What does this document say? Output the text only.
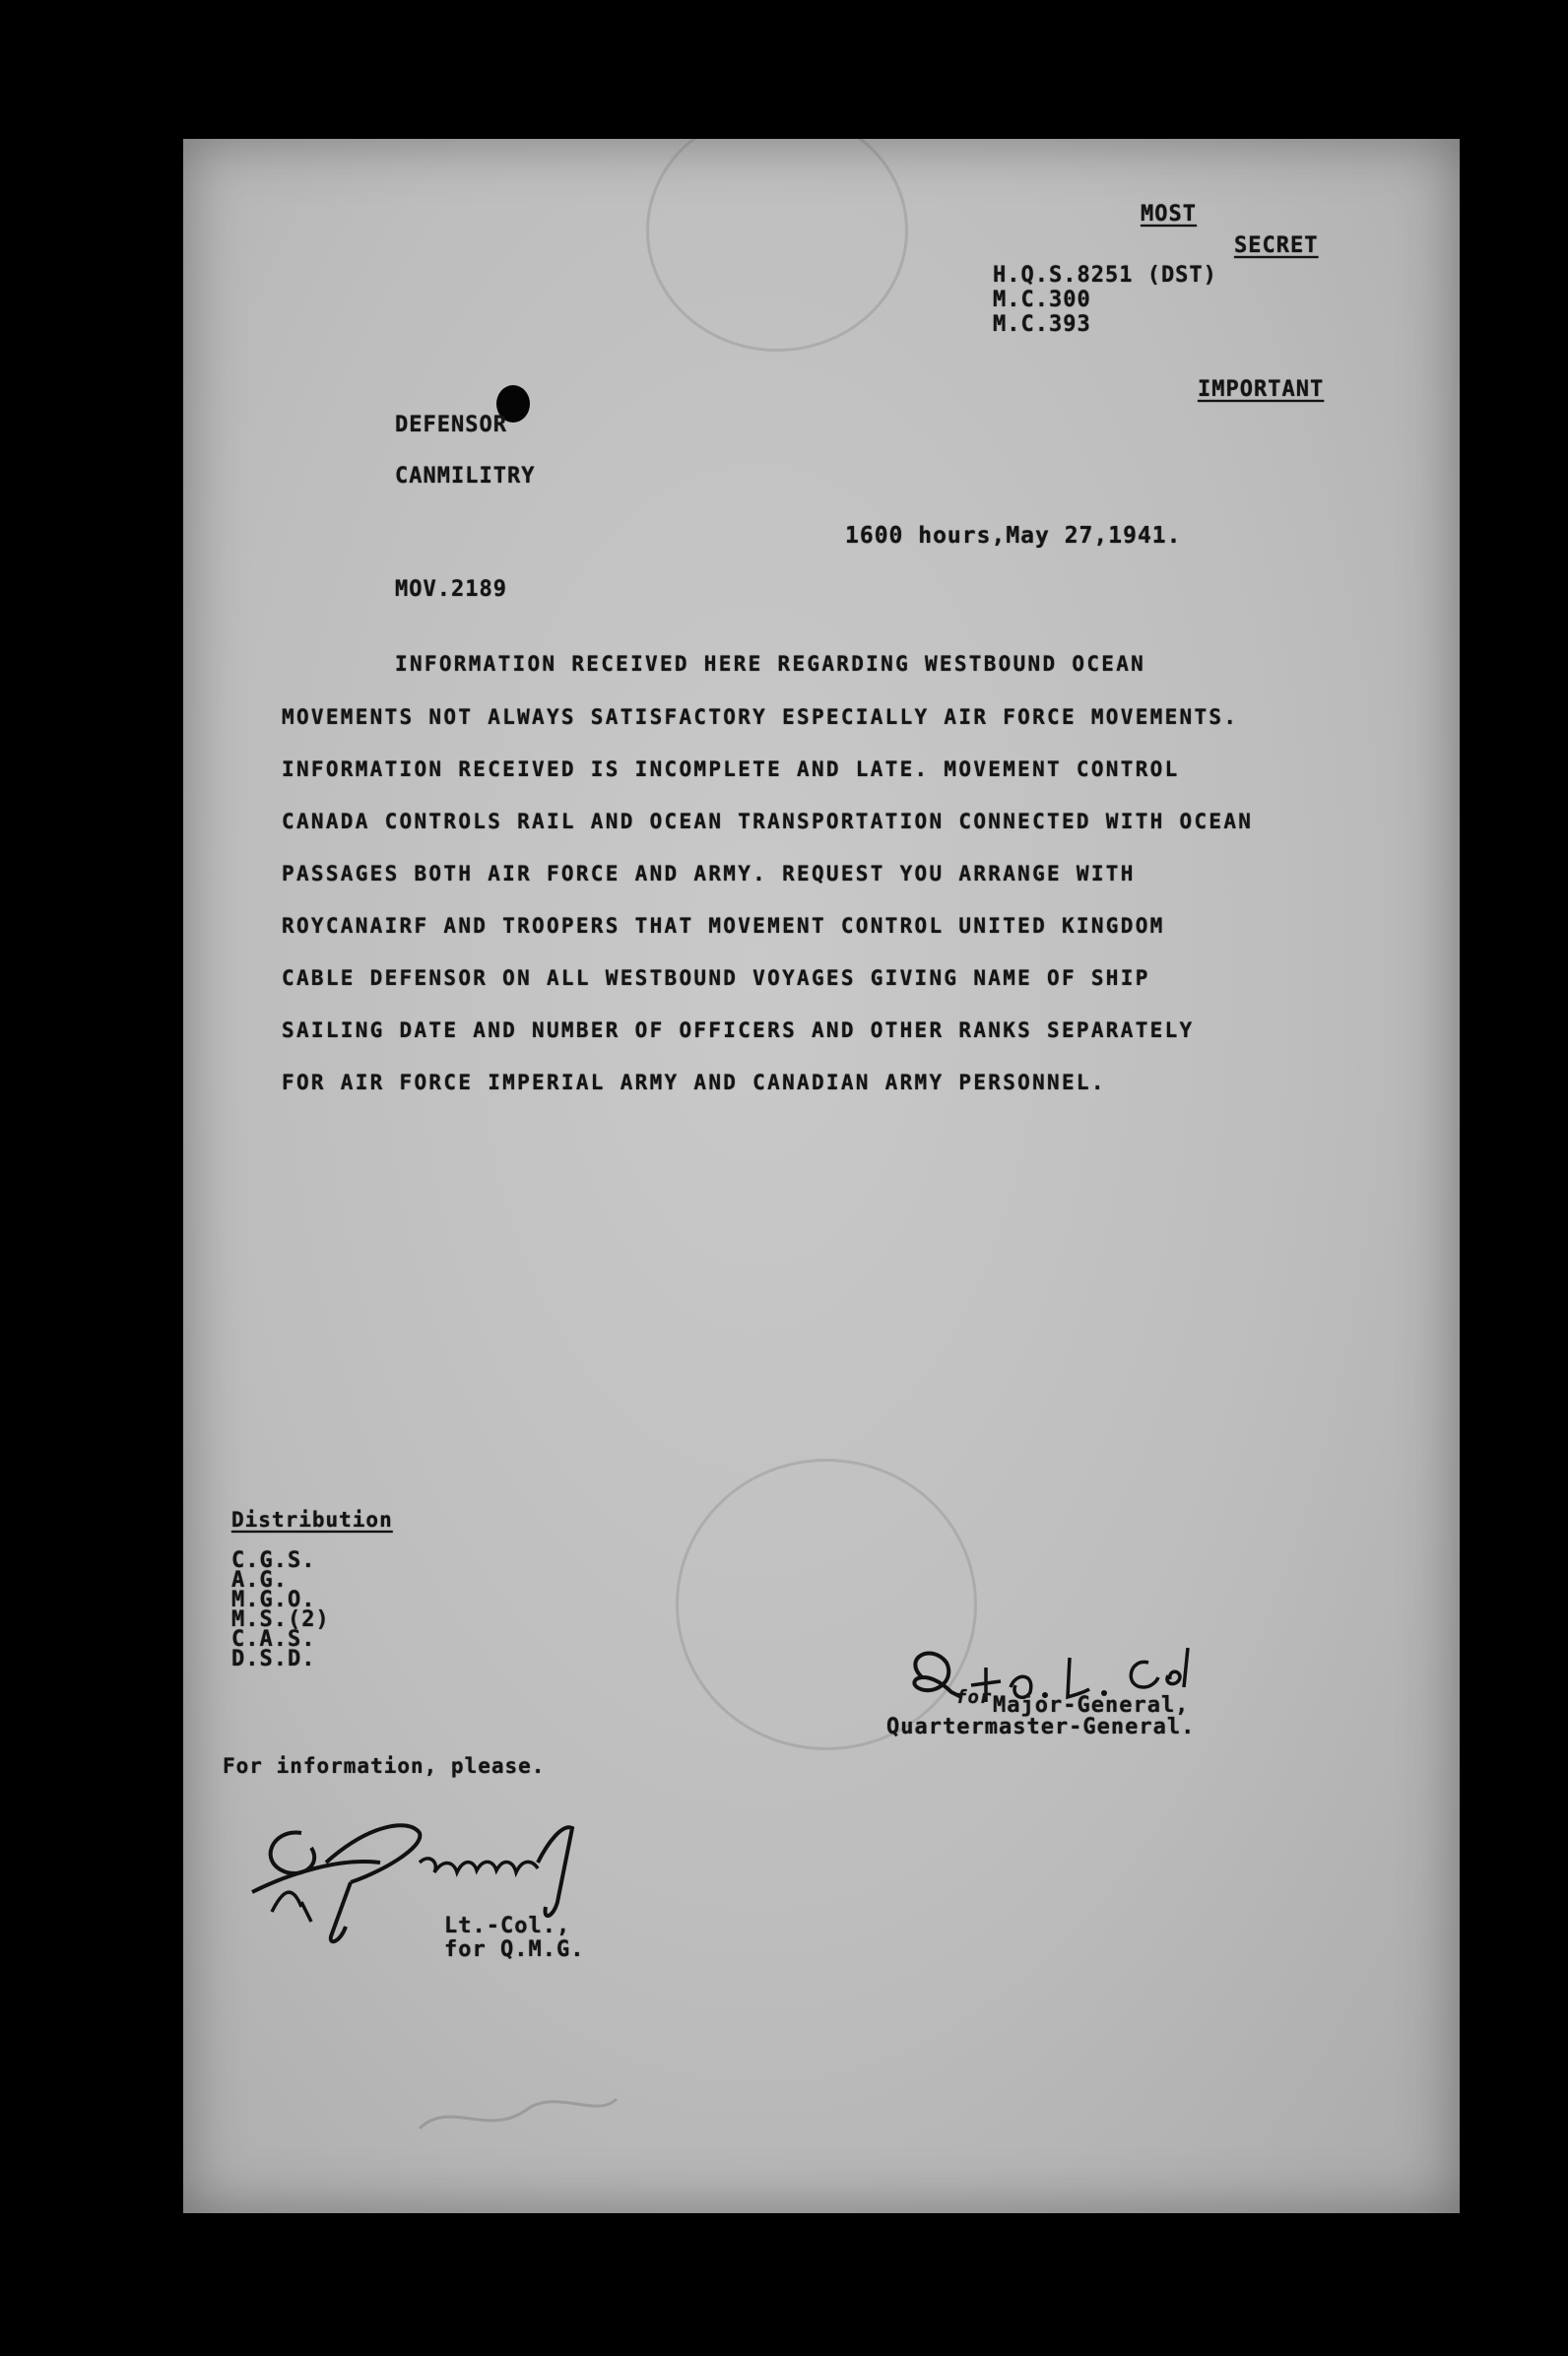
MOST
SECRET
H.Q.S.8251 (DST)
M.C.300
M.C.393
IMPORTANT
DEFENSOR
CANMILITRY
1600 hours,May 27,1941.
MOV.2189
INFORMATION RECEIVED HERE REGARDING WESTBOUND OCEAN
MOVEMENTS NOT ALWAYS SATISFACTORY ESPECIALLY AIR FORCE MOVEMENTS.
INFORMATION RECEIVED IS INCOMPLETE AND LATE. MOVEMENT CONTROL
CANADA CONTROLS RAIL AND OCEAN TRANSPORTATION CONNECTED WITH OCEAN
PASSAGES BOTH AIR FORCE AND ARMY. REQUEST YOU ARRANGE WITH
ROYCANAIRF AND TROOPERS THAT MOVEMENT CONTROL UNITED KINGDOM
CABLE DEFENSOR ON ALL WESTBOUND VOYAGES GIVING NAME OF SHIP
SAILING DATE AND NUMBER OF OFFICERS AND OTHER RANKS SEPARATELY
FOR AIR FORCE IMPERIAL ARMY AND CANADIAN ARMY PERSONNEL.
Distribution
C.G.S.
A.G.
M.G.O.
M.S.(2)
C.A.S.
D.S.D.
For information, please.
for Major-General,
Quartermaster-General.
Lt.-Col.,
for Q.M.G.
